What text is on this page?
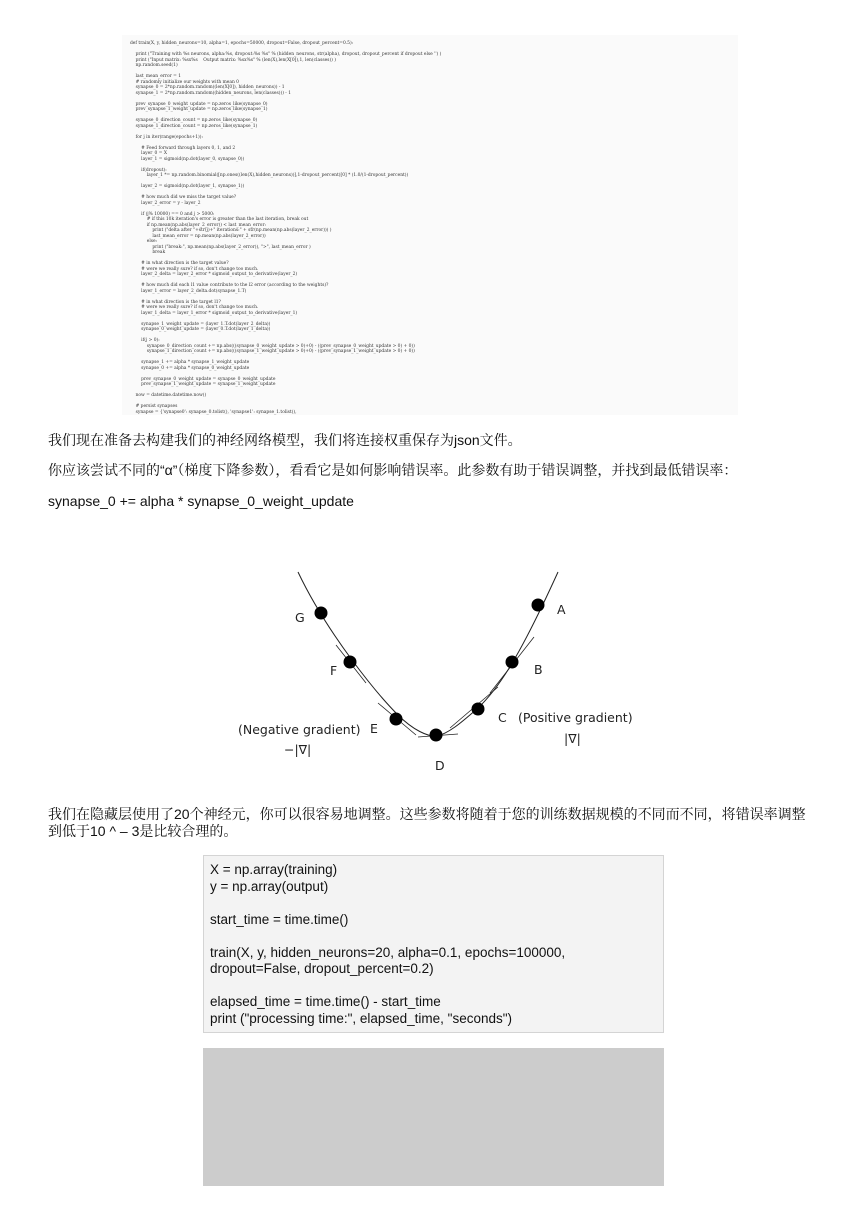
def train(X, y, hidden_neurons=10, alpha=1, epochs=50000, dropout=False, dropout_percent=0.5):
print ("Training with %s neurons, alpha:%s, dropout:%s %s" % (hidden_neurons, str(alpha), dropout, dropout_percent if dropout else '') )
print ("Input matrix: %sx%s    Output matrix: %sx%s" % (len(X),len(X[0]),1, len(classes)) )
np.random.seed(1)
last_mean_error = 1
# randomly initialize our weights with mean 0
synapse_0 = 2*np.random.random((len(X[0]), hidden_neurons)) - 1
synapse_1 = 2*np.random.random((hidden_neurons, len(classes))) - 1
prev_synapse_0_weight_update = np.zeros_like(synapse_0)
prev_synapse_1_weight_update = np.zeros_like(synapse_1)
synapse_0_direction_count = np.zeros_like(synapse_0)
synapse_1_direction_count = np.zeros_like(synapse_1)
for j in iter(range(epochs+1)):
# Feed forward through layers 0, 1, and 2
layer_0 = X
layer_1 = sigmoid(np.dot(layer_0, synapse_0))
if(dropout):
layer_1 *= np.random.binomial([np.ones((len(X),hidden_neurons))],1-dropout_percent)[0] * (1.0/(1-dropout_percent))
layer_2 = sigmoid(np.dot(layer_1, synapse_1))
# how much did we miss the target value?
layer_2_error = y - layer_2
if (j% 10000) == 0 and j > 5000:
# if this 10k iteration's error is greater than the last iteration, break out
if np.mean(np.abs(layer_2_error)) < last_mean_error:
print ("delta after "+str(j)+" iterations:" + str(np.mean(np.abs(layer_2_error))) )
last_mean_error = np.mean(np.abs(layer_2_error))
else:
print ("break:", np.mean(np.abs(layer_2_error)), ">", last_mean_error )
break
# in what direction is the target value?
# were we really sure? if so, don't change too much.
layer_2_delta = layer_2_error * sigmoid_output_to_derivative(layer_2)
# how much did each l1 value contribute to the l2 error (according to the weights)?
layer_1_error = layer_2_delta.dot(synapse_1.T)
# in what direction is the target l1?
# were we really sure? if so, don't change too much.
layer_1_delta = layer_1_error * sigmoid_output_to_derivative(layer_1)
synapse_1_weight_update = (layer_1.T.dot(layer_2_delta))
synapse_0_weight_update = (layer_0.T.dot(layer_1_delta))
if(j > 0):
synapse_0_direction_count += np.abs(((synapse_0_weight_update > 0)+0) - ((prev_synapse_0_weight_update > 0) + 0))
synapse_1_direction_count += np.abs(((synapse_1_weight_update > 0)+0) - ((prev_synapse_1_weight_update > 0) + 0))
synapse_1 += alpha * synapse_1_weight_update
synapse_0 += alpha * synapse_0_weight_update
prev_synapse_0_weight_update = synapse_0_weight_update
prev_synapse_1_weight_update = synapse_1_weight_update
now = datetime.datetime.now()
# persist synapses
synapse = {'synapse0': synapse_0.tolist(), 'synapse1': synapse_1.tolist(),
我们现在准备去构建我们的神经网络模型，我们将连接权重保存为json文件。
你应该尝试不同的“α”（梯度下降参数），看看它是如何影响错误率。此参数有助于错误调整，并找到最低错误率：
synapse_0 += alpha * synapse_0_weight_update
G
F
E
D
C
B
A
(Negative gradient)
−|∇|
(Positive gradient)
|∇|
我们在隐藏层使用了20个神经元，你可以很容易地调整。这些参数将随着于您的训练数据规模的不同而不同，将错误率调整到低于10 ^ – 3是比较合理的。
X = np.array(training)
y = np.array(output)
start_time = time.time()
train(X, y, hidden_neurons=20, alpha=0.1, epochs=100000,
dropout=False, dropout_percent=0.2)
elapsed_time = time.time() - start_time
print ("processing time:", elapsed_time, "seconds")
